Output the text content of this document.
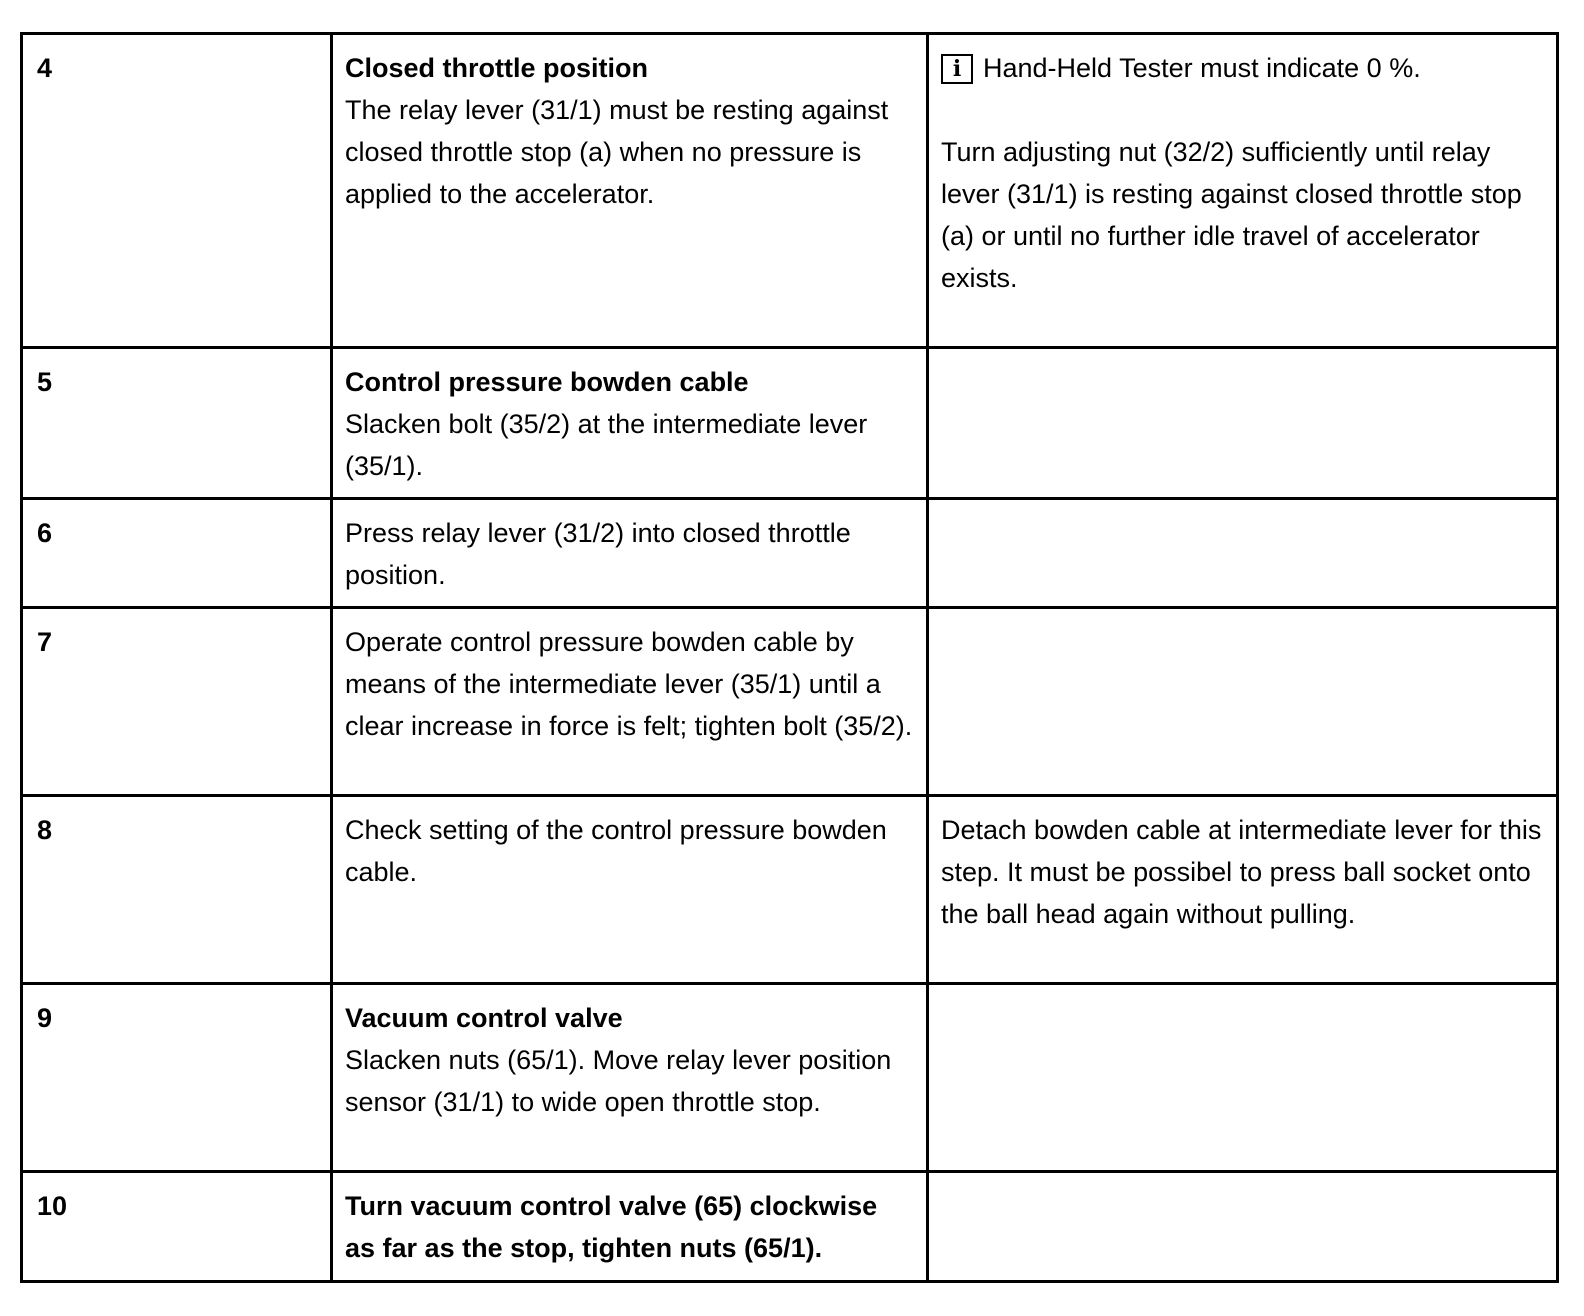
4	Closed throttle position
The relay lever (31/1) must be resting against closed throttle stop (a) when no pressure is applied to the accelerator.	i Hand-Held Tester must indicate 0 %.
Turn adjusting nut (32/2) sufficiently until relay lever (31/1) is resting against closed throttle stop (a) or until no further idle travel of accelerator exists.

5	Control pressure bowden cable
Slacken bolt (35/2) at the intermediate lever (35/1).	

6	Press relay lever (31/2) into closed throttle position.	

7	Operate control pressure bowden cable by means of the intermediate lever (35/1) until a clear increase in force is felt; tighten bolt (35/2).	

8	Check setting of the control pressure bowden cable.	Detach bowden cable at intermediate lever for this step. It must be possibel to press ball socket onto the ball head again without pulling.

9	Vacuum control valve
Slacken nuts (65/1). Move relay lever position sensor (31/1) to wide open throttle stop.	

10	Turn vacuum control valve (65) clockwise as far as the stop, tighten nuts (65/1).	
